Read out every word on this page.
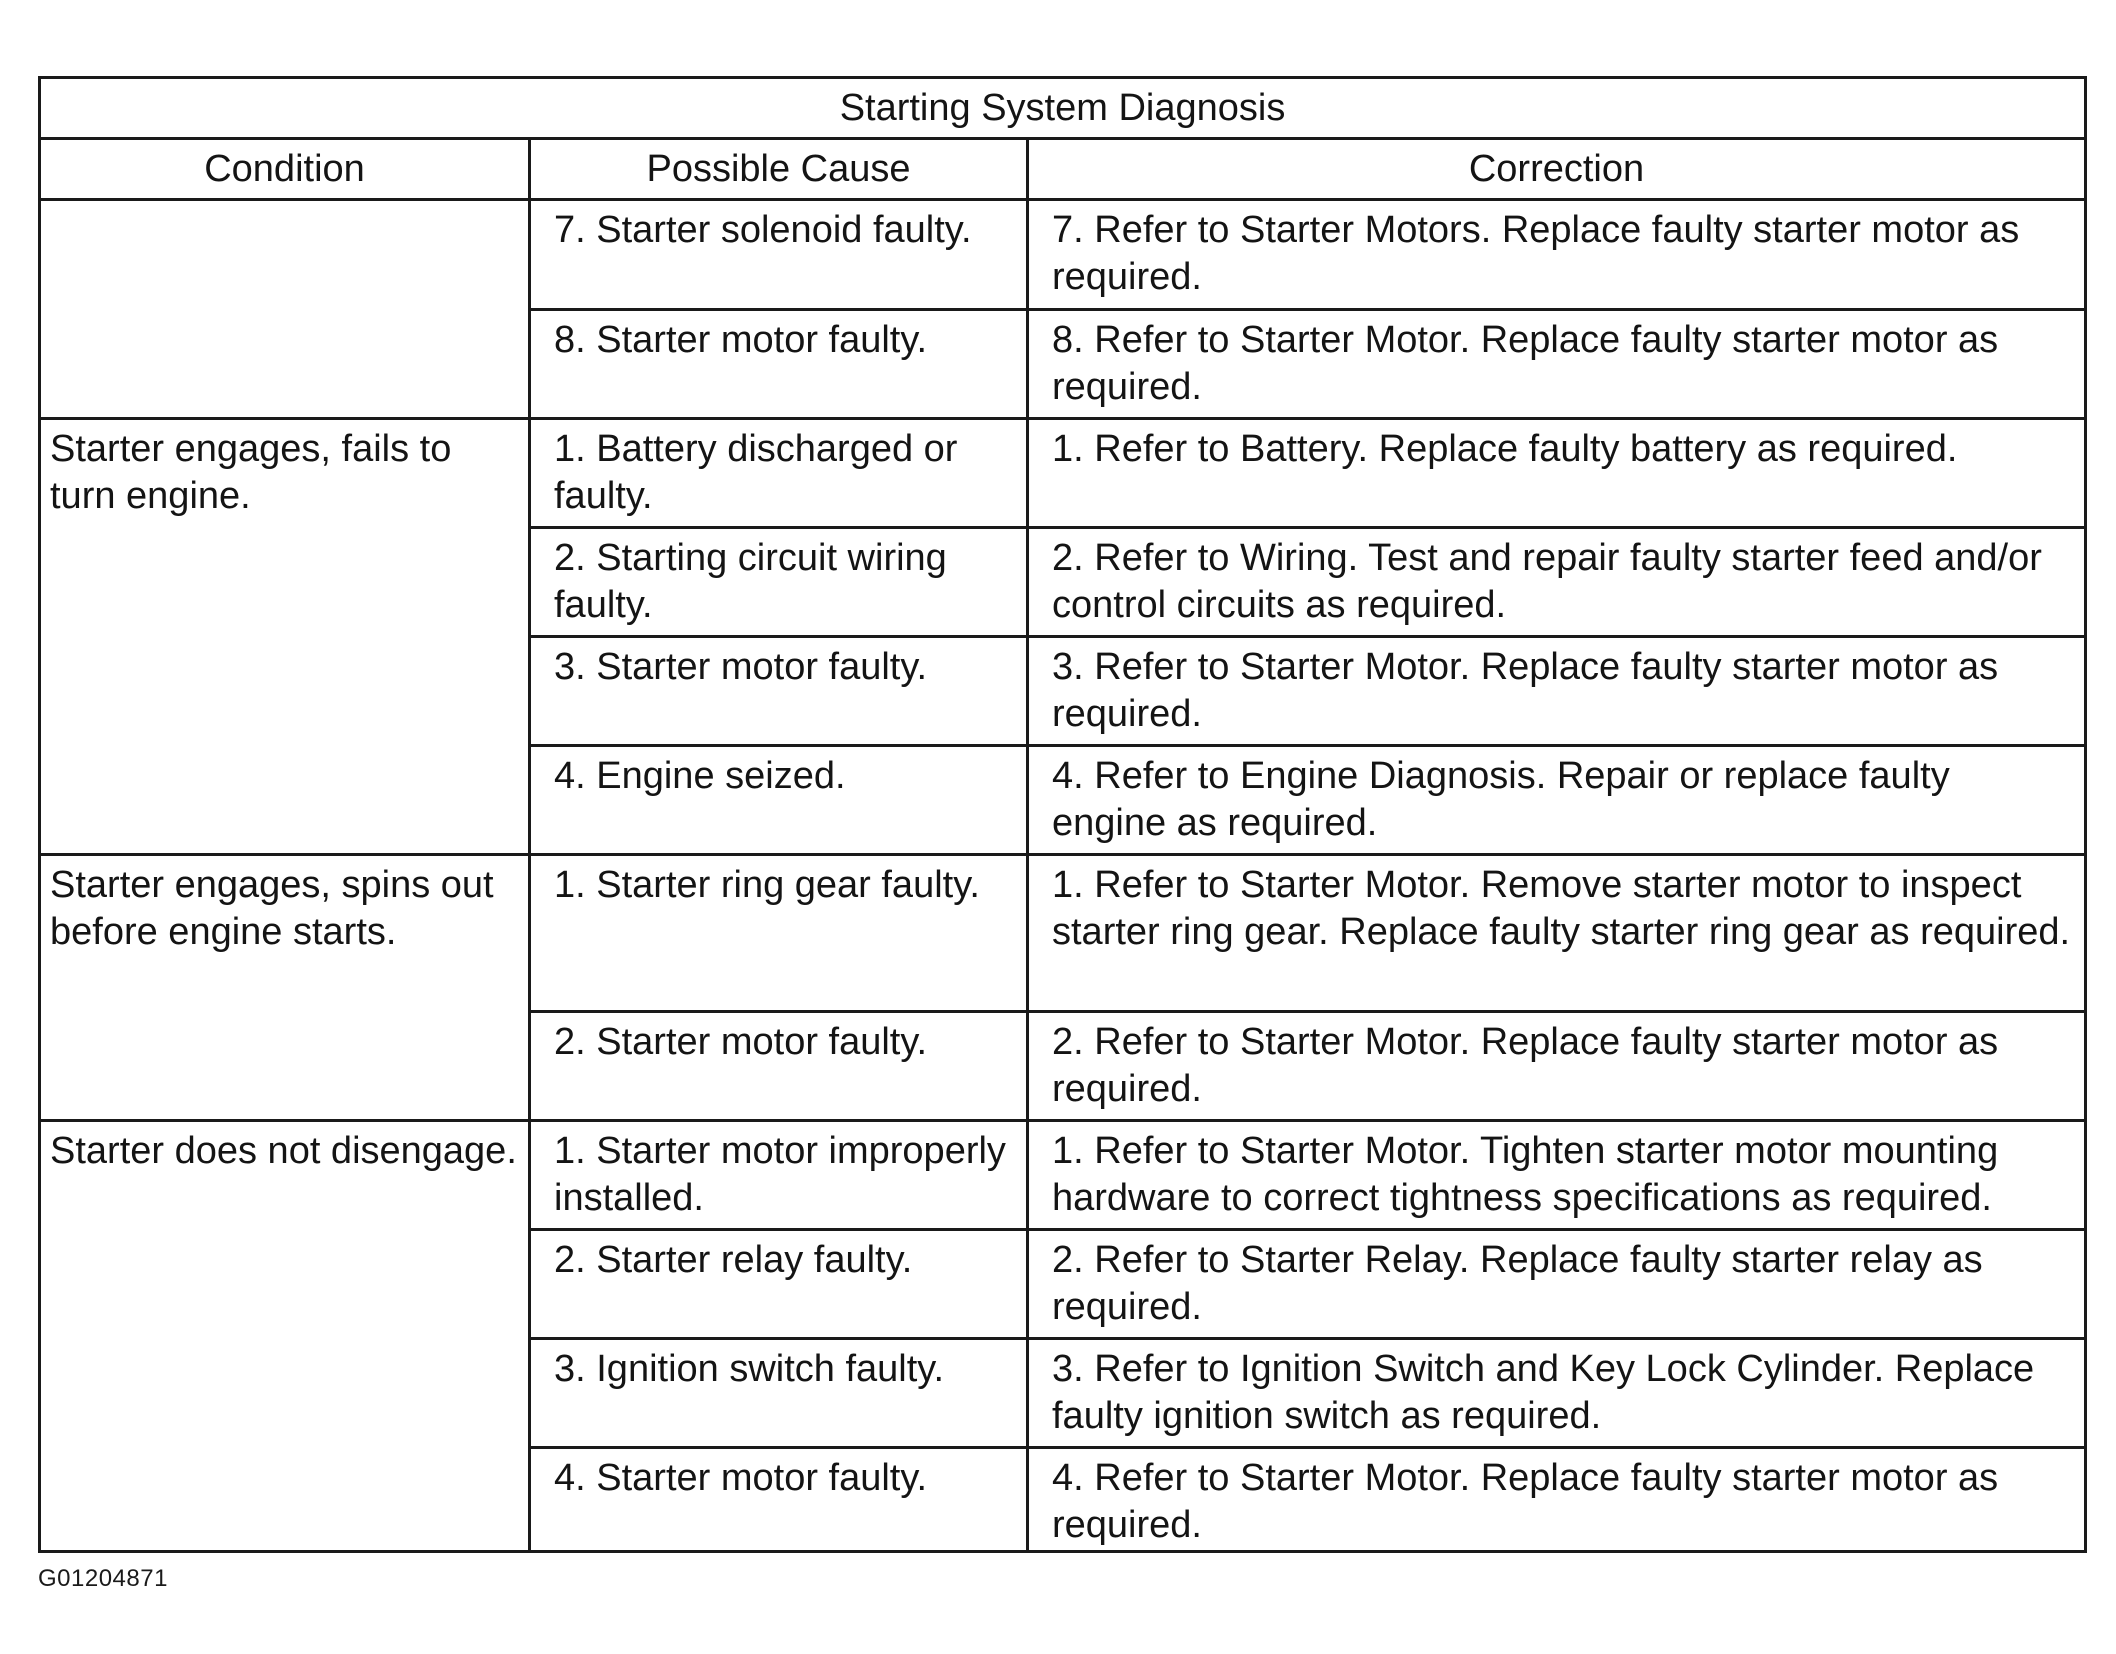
Starting System Diagnosis		
Condition	Possible Cause	Correction
	7. Starter solenoid faulty.	7. Refer to Starter Motors. Replace faulty starter motor as required.
	8. Starter motor faulty.	8. Refer to Starter Motor. Replace faulty starter motor as required.
Starter engages, fails to turn engine.	1. Battery discharged or faulty.	1. Refer to Battery. Replace faulty battery as required.
	2. Starting circuit wiring faulty.	2. Refer to Wiring. Test and repair faulty starter feed and/or control circuits as required.
	3. Starter motor faulty.	3. Refer to Starter Motor. Replace faulty starter motor as required.
	4. Engine seized.	4. Refer to Engine Diagnosis. Repair or replace faulty engine as required.
Starter engages, spins out before engine starts.	1. Starter ring gear faulty.	1. Refer to Starter Motor. Remove starter motor to inspect starter ring gear. Replace faulty starter ring gear as required.
	2. Starter motor faulty.	2. Refer to Starter Motor. Replace faulty starter motor as required.
Starter does not disengage.	1. Starter motor improperly installed.	1. Refer to Starter Motor. Tighten starter motor mounting hardware to correct tightness specifications as required.
	2. Starter relay faulty.	2. Refer to Starter Relay. Replace faulty starter relay as required.
	3. Ignition switch faulty.	3. Refer to Ignition Switch and Key Lock Cylinder. Replace faulty ignition switch as required.
	4. Starter motor faulty.	4. Refer to Starter Motor. Replace faulty starter motor as required.
G01204871
